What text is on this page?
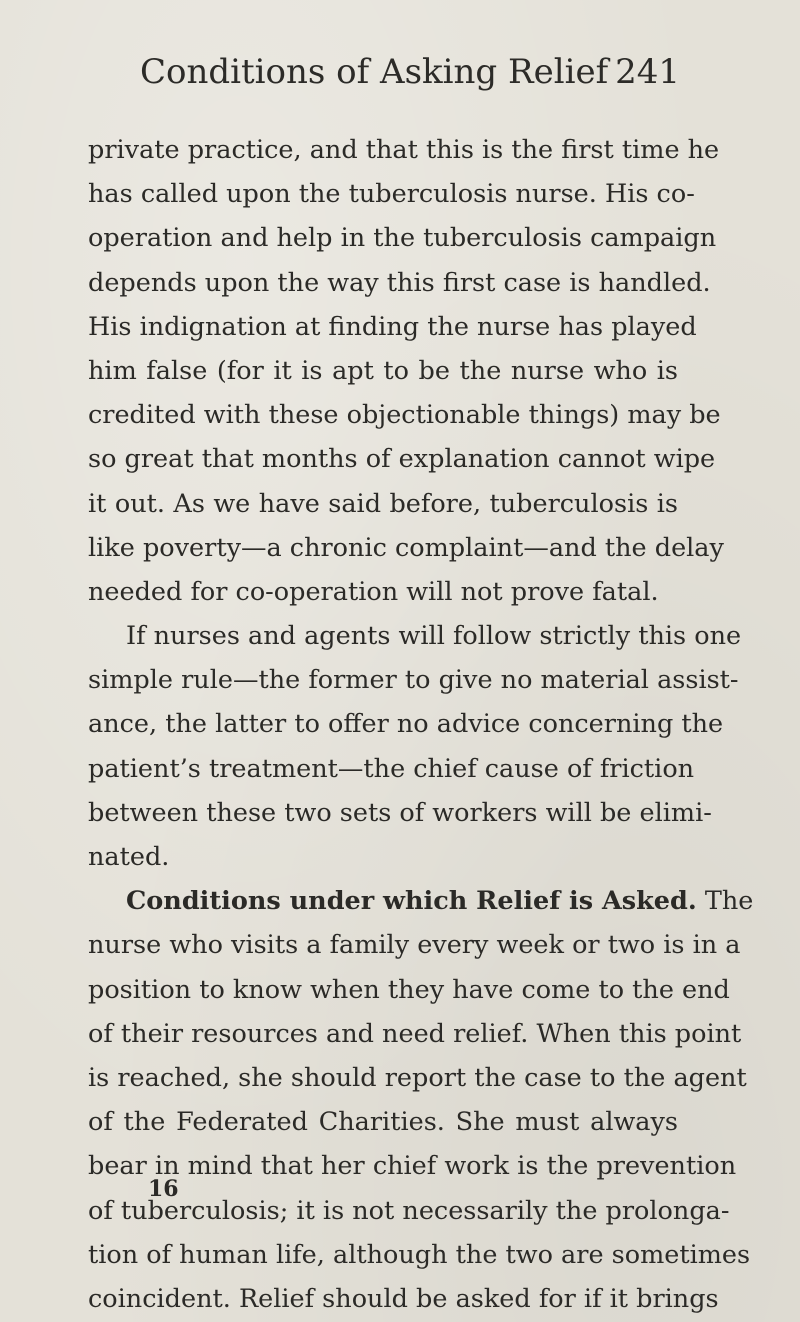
Conditions of Asking Relief 241
private practice, and that this is the first time he
has called upon the tuberculosis nurse. His co-
operation and help in the tuberculosis campaign
depends upon the way this first case is handled.
His indignation at finding the nurse has played
him false (for it is apt to be the nurse who is
credited with these objectionable things) may be
so great that months of explanation cannot wipe
it out. As we have said before, tuberculosis is
like poverty—a chronic complaint—and the delay
needed for co-operation will not prove fatal.
If nurses and agents will follow strictly this one
simple rule—the former to give no material assist-
ance, the latter to offer no advice concerning the
patient’s treatment—the chief cause of friction
between these two sets of workers will be elimi-
nated.
Conditions under which Relief is Asked. The
nurse who visits a family every week or two is in a
position to know when they have come to the end
of their resources and need relief. When this point
is reached, she should report the case to the agent
of the Federated Charities. She must always
bear in mind that her chief work is the prevention
of tuberculosis; it is not necessarily the prolonga-
tion of human life, although the two are sometimes
coincident. Relief should be asked for if it brings
16
